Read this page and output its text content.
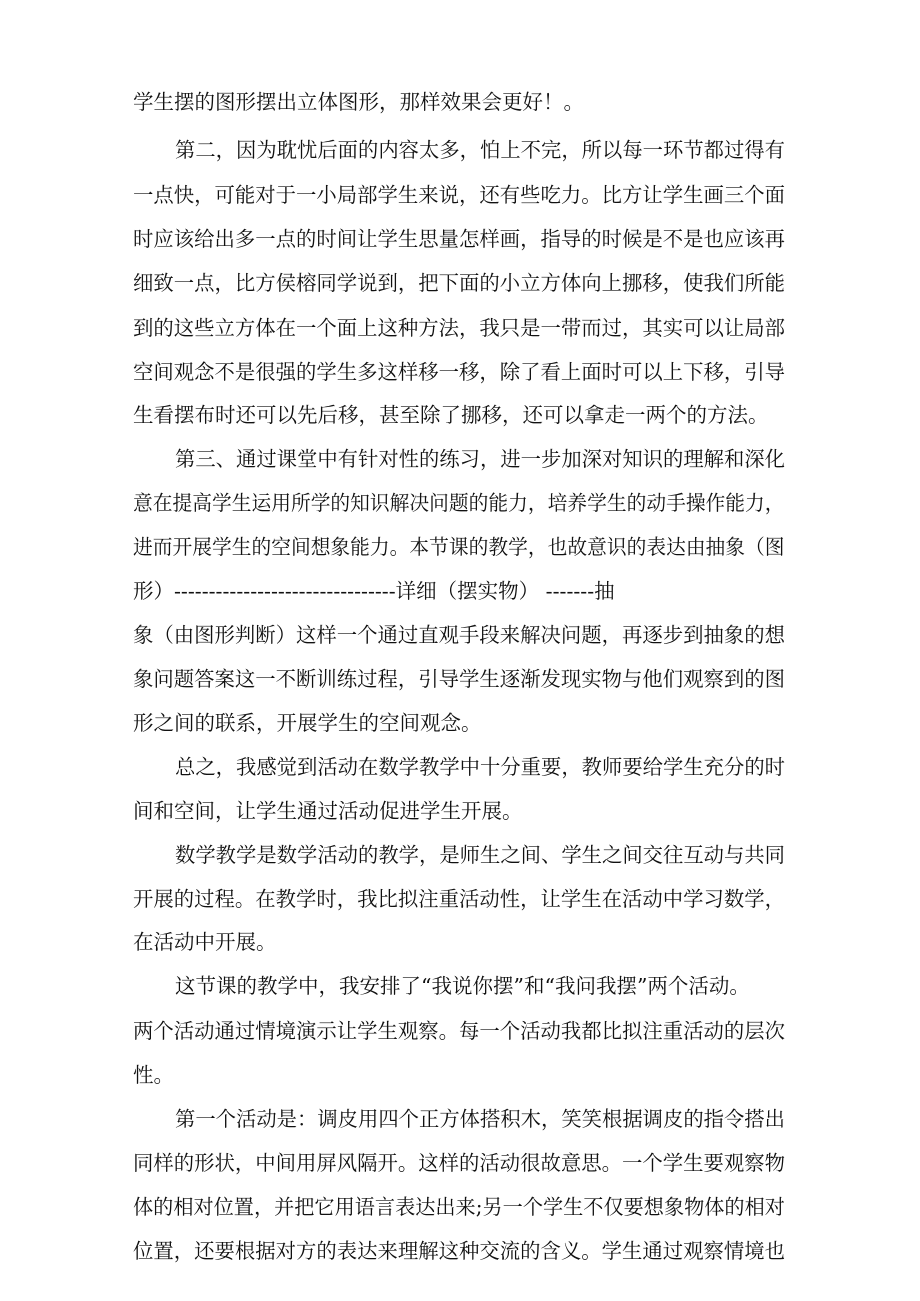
学生摆的图形摆出立体图形，那样效果会更好！。
第二，因为耽忧后面的内容太多，怕上不完，所以每一环节都过得有
一点快，可能对于一小局部学生来说，还有些吃力。比方让学生画三个面
时应该给出多一点的时间让学生思量怎样画，指导的时候是不是也应该再
细致一点，比方侯榕同学说到，把下面的小立方体向上挪移，使我们所能
到的这些立方体在一个面上这种方法，我只是一带而过，其实可以让局部
空间观念不是很强的学生多这样移一移，除了看上面时可以上下移，引导
生看摆布时还可以先后移，甚至除了挪移，还可以拿走一两个的方法。
第三、通过课堂中有针对性的练习，进一步加深对知识的理解和深化
意在提高学生运用所学的知识解决问题的能力，培养学生的动手操作能力，
进而开展学生的空间想象能力。本节课的教学，也故意识的表达由抽象（图
形）--------------------------------详细（摆实物） -------抽
象（由图形判断）这样一个通过直观手段来解决问题，再逐步到抽象的想
象问题答案这一不断训练过程，引导学生逐渐发现实物与他们观察到的图
形之间的联系，开展学生的空间观念。
总之，我感觉到活动在数学教学中十分重要，教师要给学生充分的时
间和空间，让学生通过活动促进学生开展。
数学教学是数学活动的教学，是师生之间、学生之间交往互动与共同
开展的过程。在教学时，我比拟注重活动性，让学生在活动中学习数学，
在活动中开展。
这节课的教学中，我安排了“我说你摆”和“我问我摆”两个活动。
两个活动通过情境演示让学生观察。每一个活动我都比拟注重活动的层次
性。
第一个活动是：调皮用四个正方体搭积木，笑笑根据调皮的指令搭出
同样的形状，中间用屏风隔开。这样的活动很故意思。一个学生要观察物
体的相对位置，并把它用语言表达出来;另一个学生不仅要想象物体的相对
位置，还要根据对方的表达来理解这种交流的含义。学生通过观察情境也
